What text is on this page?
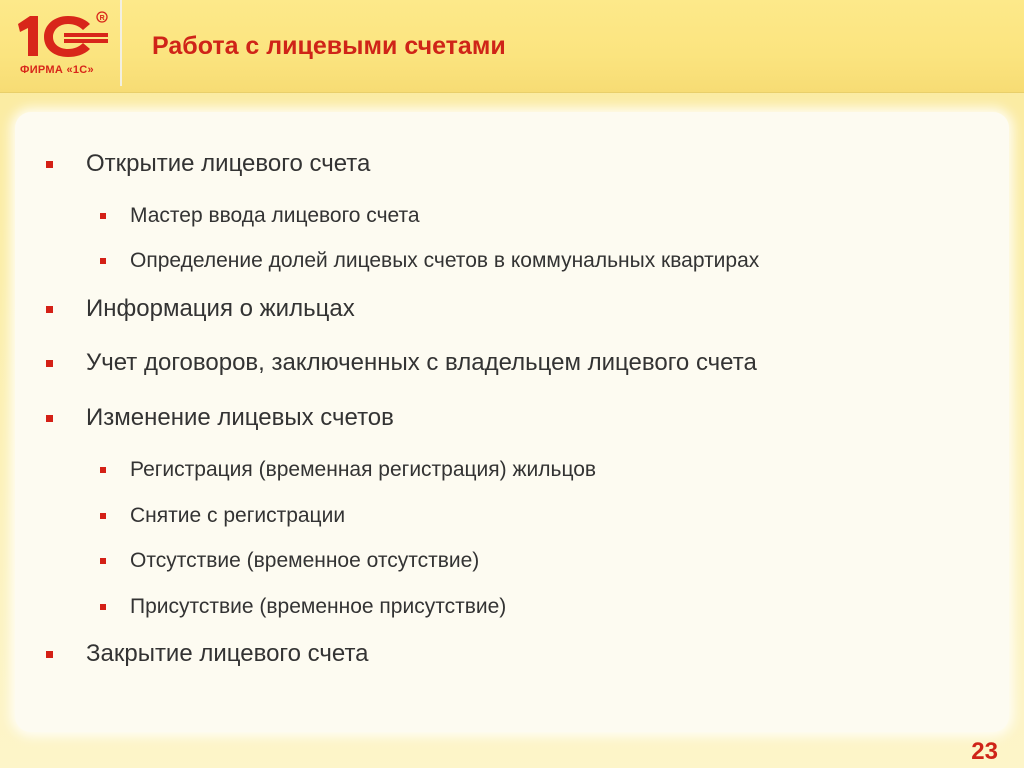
R
ФИРМА «1С»
Работа с лицевыми счетами
Открытие лицевого счета
Мастер ввода лицевого счета
Определение долей лицевых счетов в коммунальных квартирах
Информация о жильцах
Учет договоров, заключенных с владельцем лицевого счета
Изменение лицевых счетов
Регистрация (временная регистрация) жильцов
Снятие с регистрации
Отсутствие (временное отсутствие)
Присутствие (временное присутствие)
Закрытие лицевого счета
23
